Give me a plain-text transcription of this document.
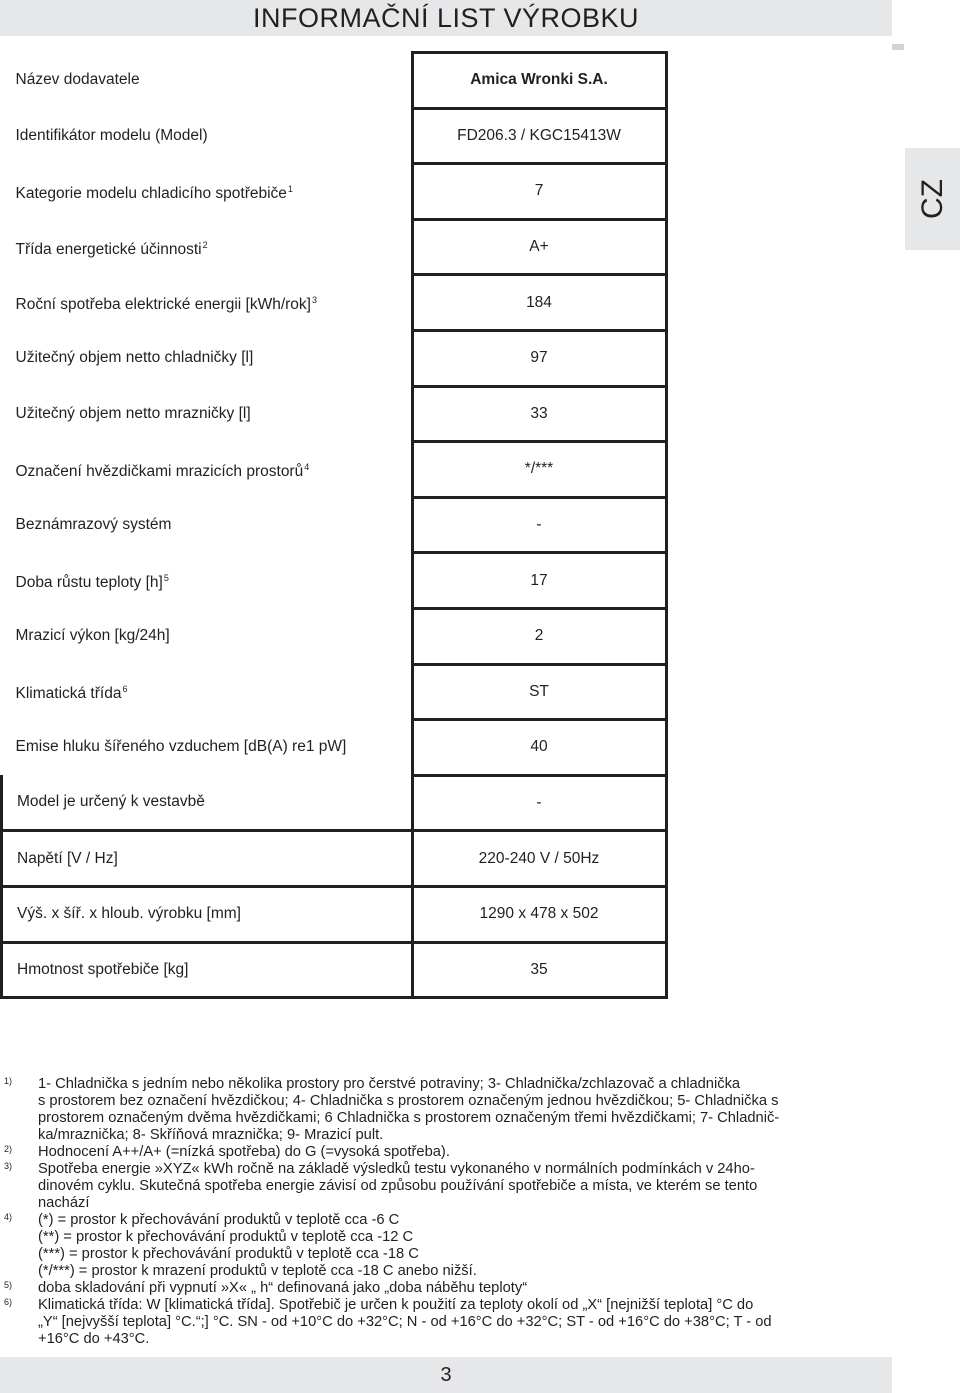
INFORMAČNÍ LIST VÝROBKU
CZ
Název dodavatele	Amica Wronki S.A.
Identifikátor modelu (Model)	FD206.3 / KGC15413W
Kategorie modelu chladicího spotřebiče$^1$	7
Třída energetické účinnosti$^2$	A+
Roční spotřeba elektrické energii $[kWh/rok]^3$	184
Užitečný objem netto chladničky [l]	97
Užitečný objem netto mrazničky [l]	33
Označení hvězdičkami mrazicích prostorů$^4$	*/***
Beznámrazový systém	-
Doba růstu teploty $[h]^5$	17
Mrazicí výkon [kg/24h]	2
Klimatická třída$^6$	ST
Emise hluku šířeného vzduchem [dB(A) re1 pW]	40
Model je určený k vestavbě	-
Napětí [V / Hz]	220-240 V / 50Hz
Výš. x šíř. x hloub. výrobku [mm]	1290 x 478 x 502
Hmotnost spotřebiče [kg]	35
1) 1- Chladnička s jedním nebo několika prostory pro čerstvé potraviny; 3- Chladnička/zchlazovač a chladnička
s prostorem bez označení hvězdičkou; 4- Chladnička s prostorem označeným jednou hvězdičkou; 5- Chladnička s
prostorem označeným dvěma hvězdičkami; 6 Chladnička s prostorem označeným třemi hvězdičkami; 7- Chladnič-
ka/mraznička; 8- Skříňová mraznička; 9- Mrazicí pult.
2) Hodnocení A++/A+ (=nízká spotřeba) do G (=vysoká spotřeba).
3) Spotřeba energie »XYZ« kWh ročně na základě výsledků testu vykonaného v normálních podmínkách v 24ho-
dinovém cyklu. Skutečná spotřeba energie závisí od způsobu používání spotřebiče a místa, ve kterém se tento
nachází
4) (*) = prostor k přechovávání produktů v teplotě cca -6 C
(**) = prostor k přechovávání produktů v teplotě cca -12 C
(***) = prostor k přechovávání produktů v teplotě cca -18 C
(*/***) = prostor k mrazení produktů v teplotě cca -18 C anebo nižší.
5) doba skladování při vypnutí »X« „ h“ definovaná jako „doba náběhu teploty“
6) Klimatická třída: W [klimatická třída]. Spotřebič je určen k použití za teploty okolí od „X“ [nejnižší teplota] °C do
„Y“ [nejvyšší teplota] °C.“;] °C. SN - od +10°C do +32°C; N - od +16°C do +32°C; ST - od +16°C do +38°C; T - od
+16°C do +43°C.
3
